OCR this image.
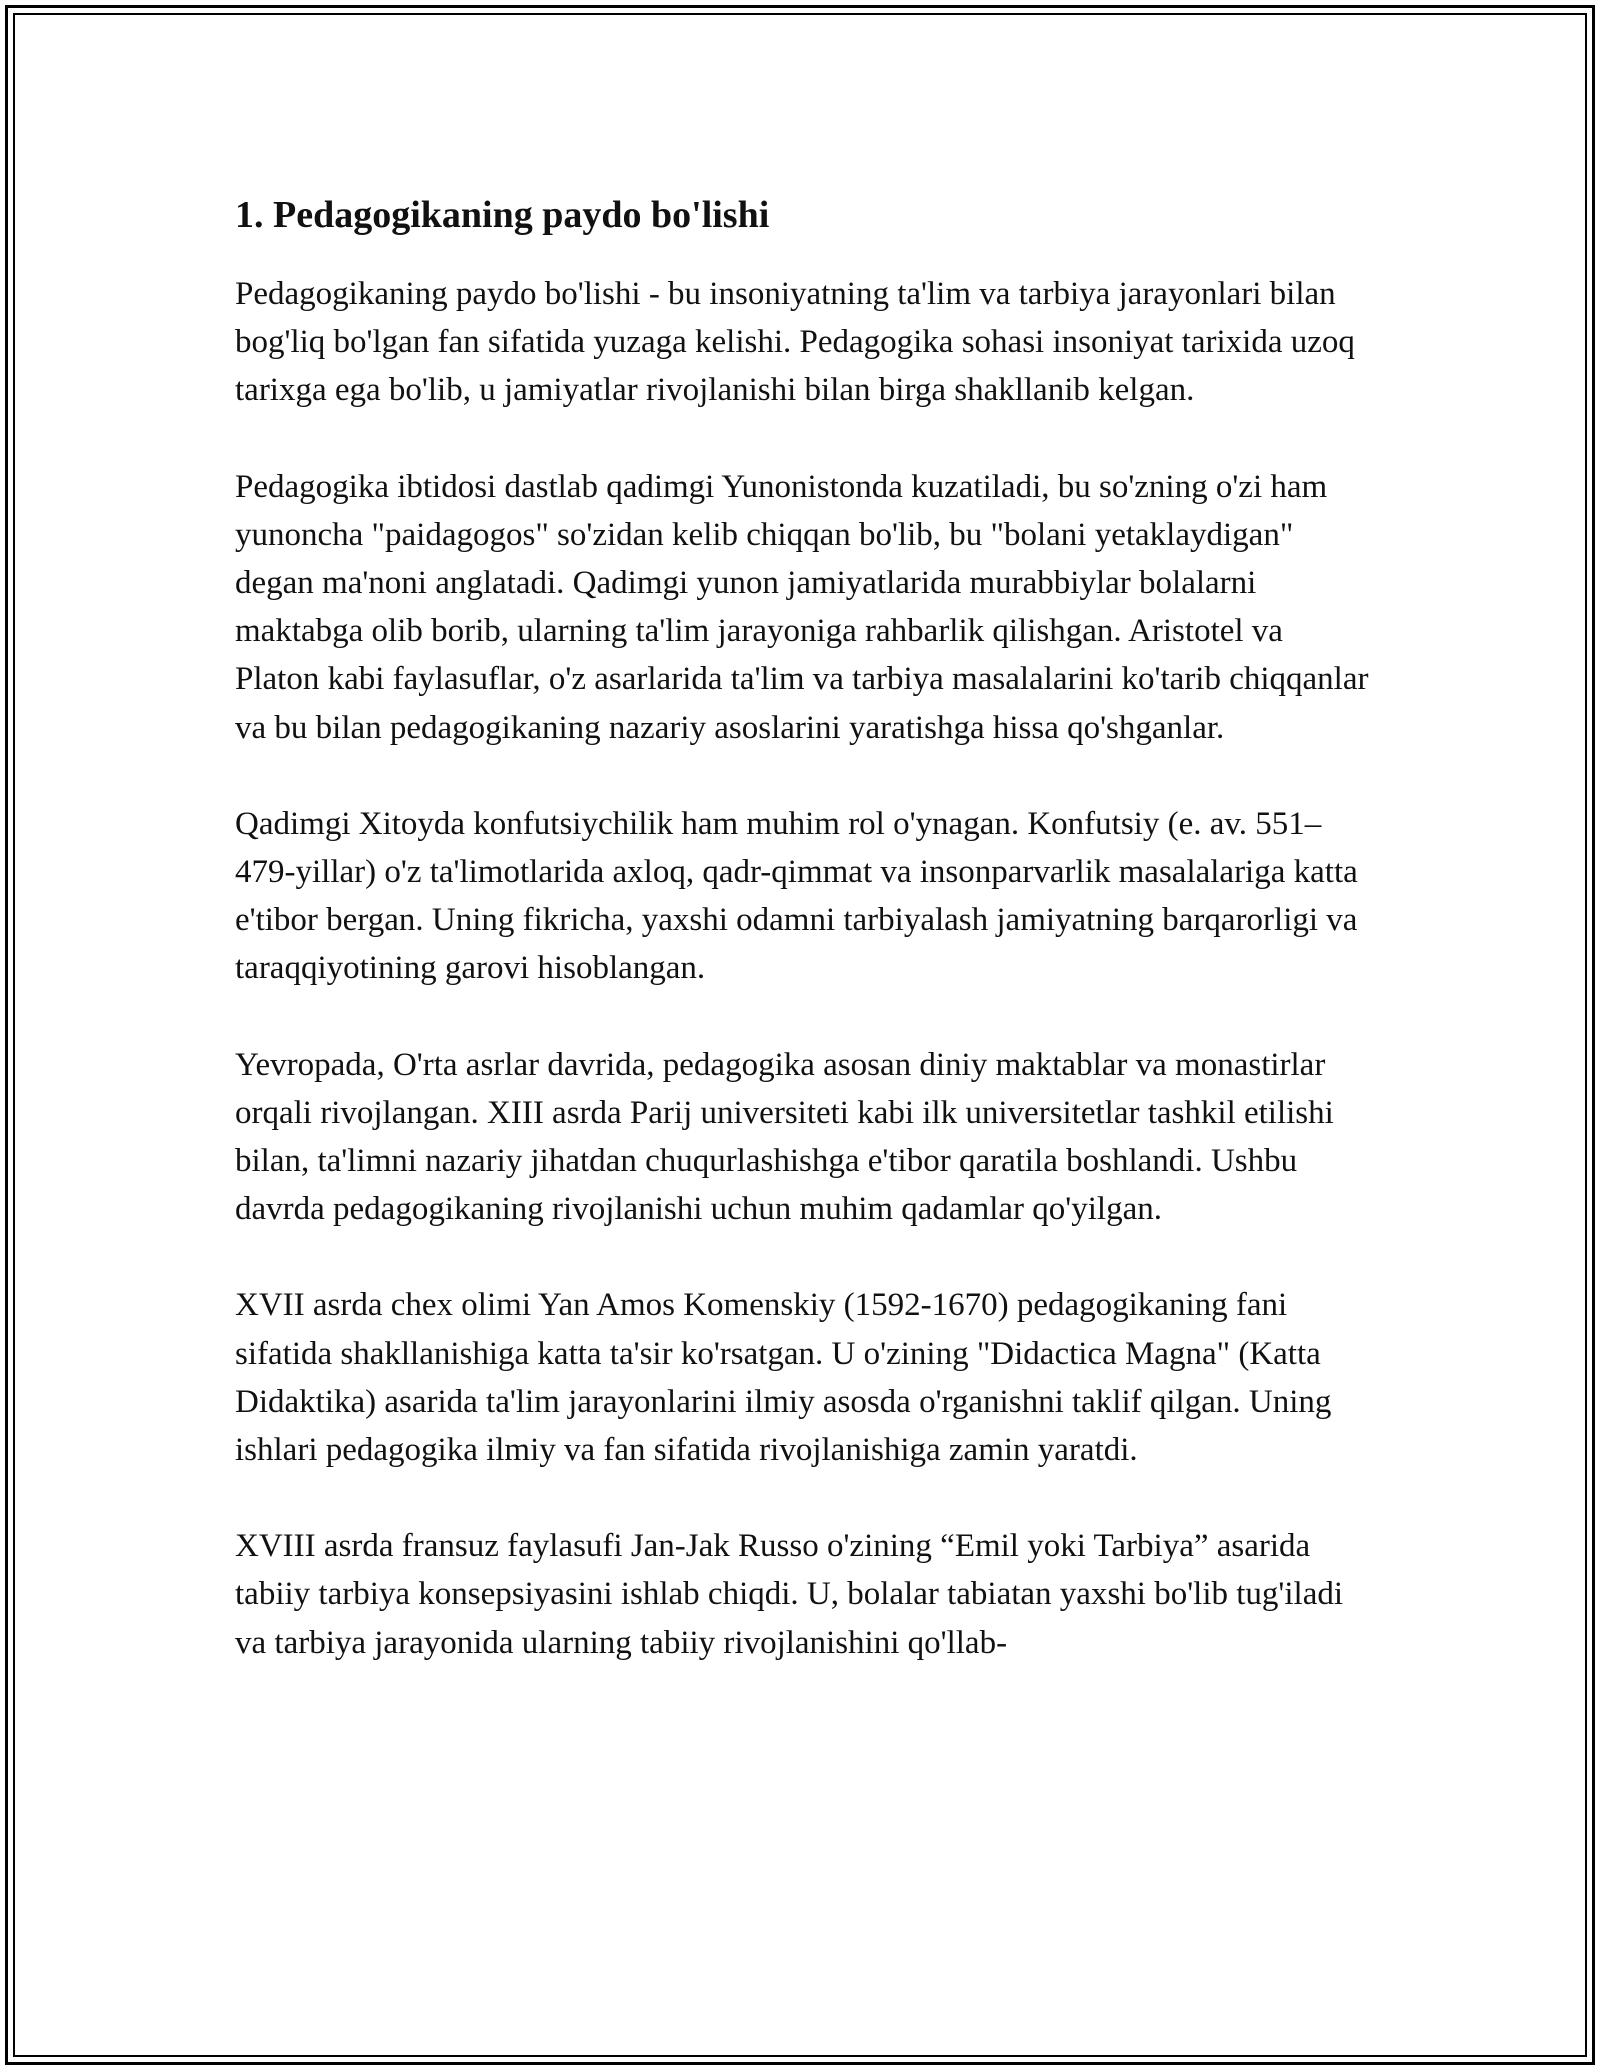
1. Pedagogikaning paydo bo'lishi

Pedagogikaning paydo bo'lishi - bu insoniyatning ta'lim va tarbiya jarayonlari bilan bog'liq bo'lgan fan sifatida yuzaga kelishi. Pedagogika sohasi insoniyat tarixida uzoq tarixga ega bo'lib, u jamiyatlar rivojlanishi bilan birga shakllanib kelgan.

Pedagogika ibtidosi dastlab qadimgi Yunonistonda kuzatiladi, bu so'zning o'zi ham yunoncha "paidagogos" so'zidan kelib chiqqan bo'lib, bu "bolani yetaklaydigan" degan ma'noni anglatadi. Qadimgi yunon jamiyatlarida murabbiylar bolalarni maktabga olib borib, ularning ta'lim jarayoniga rahbarlik qilishgan. Aristotel va Platon kabi faylasuflar, o'z asarlarida ta'lim va tarbiya masalalarini ko'tarib chiqqanlar va bu bilan pedagogikaning nazariy asoslarini yaratishga hissa qo'shganlar.

Qadimgi Xitoyda konfutsiychilik ham muhim rol o'ynagan. Konfutsiy (e. av. 551–479-yillar) o'z ta'limotlarida axloq, qadr-qimmat va insonparvarlik masalalariga katta e'tibor bergan. Uning fikricha, yaxshi odamni tarbiyalash jamiyatning barqarorligi va taraqqiyotining garovi hisoblangan.

Yevropada, O'rta asrlar davrida, pedagogika asosan diniy maktablar va monastirlar orqali rivojlangan. XIII asrda Parij universiteti kabi ilk universitetlar tashkil etilishi bilan, ta'limni nazariy jihatdan chuqurlashishga e'tibor qaratila boshlandi. Ushbu davrda pedagogikaning rivojlanishi uchun muhim qadamlar qo'yilgan.

XVII asrda chex olimi Yan Amos Komenskiy (1592-1670) pedagogikaning fani sifatida shakllanishiga katta ta'sir ko'rsatgan. U o'zining "Didactica Magna" (Katta Didaktika) asarida ta'lim jarayonlarini ilmiy asosda o'rganishni taklif qilgan. Uning ishlari pedagogika ilmiy va fan sifatida rivojlanishiga zamin yaratdi.

XVIII asrda fransuz faylasufi Jan-Jak Russo o'zining “Emil yoki Tarbiya” asarida tabiiy tarbiya konsepsiyasini ishlab chiqdi. U, bolalar tabiatan yaxshi bo'lib tug'iladi va tarbiya jarayonida ularning tabiiy rivojlanishini qo'llab-
